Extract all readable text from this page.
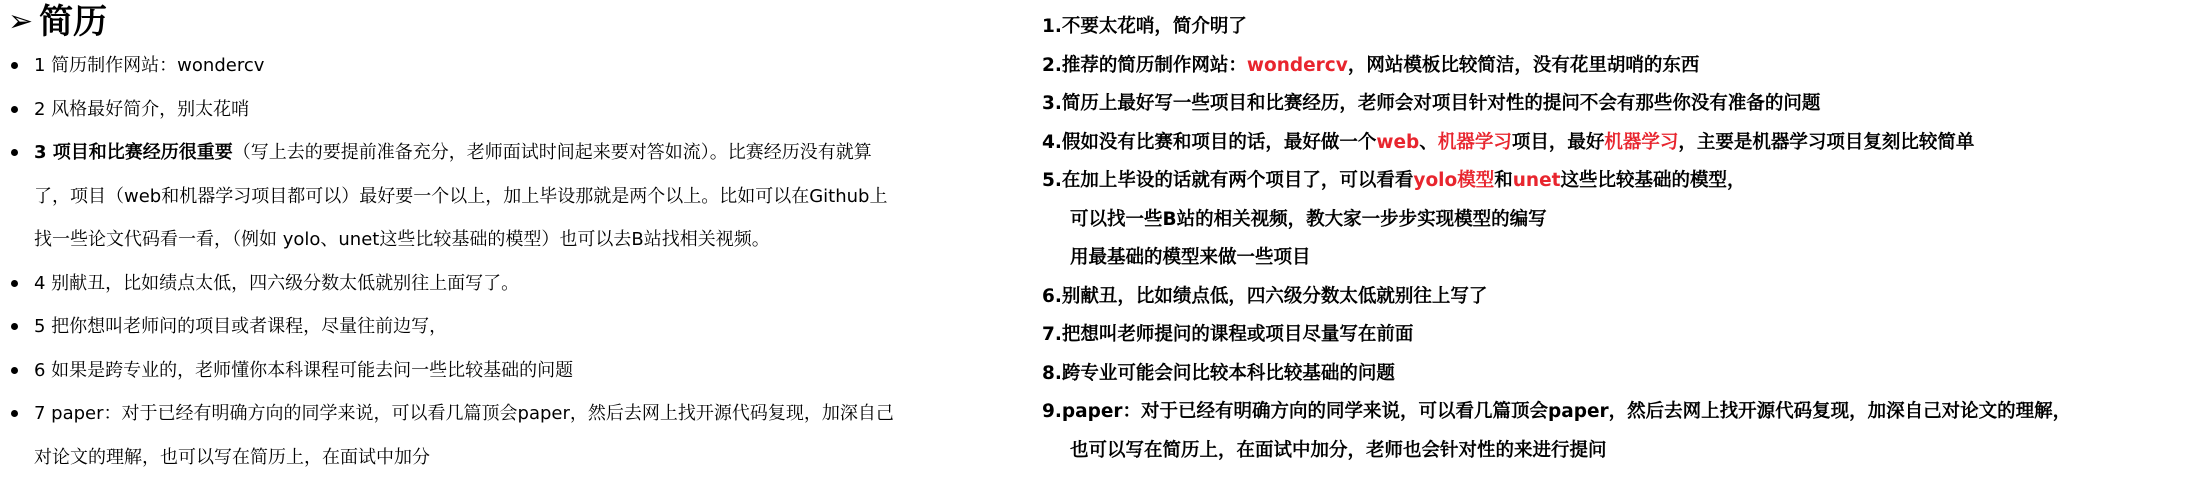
➢ 简历
1 简历制作网站：wondercv
2 风格最好简介，别太花哨
3 项目和比赛经历很重要（写上去的要提前准备充分，老师面试时间起来要对答如流）。比赛经历没有就算
了，项目（web和机器学习项目都可以）最好要一个以上，加上毕设那就是两个以上。比如可以在Github上
找一些论文代码看一看，（例如 yolo、unet这些比较基础的模型）也可以去B站找相关视频。
4 别献丑，比如绩点太低，四六级分数太低就别往上面写了。
5 把你想叫老师问的项目或者课程，尽量往前边写，
6 如果是跨专业的，老师懂你本科课程可能去问一些比较基础的问题
7 paper：对于已经有明确方向的同学来说，可以看几篇顶会paper，然后去网上找开源代码复现，加深自己
对论文的理解，也可以写在简历上，在面试中加分
1.不要太花哨，简介明了
2.推荐的简历制作网站：wondercv，网站模板比较简洁，没有花里胡哨的东西
3.简历上最好写一些项目和比赛经历，老师会对项目针对性的提问不会有那些你没有准备的问题
4.假如没有比赛和项目的话，最好做一个web、机器学习项目，最好机器学习，主要是机器学习项目复刻比较简单
5.在加上毕设的话就有两个项目了，可以看看yolo模型和unet这些比较基础的模型，
可以找一些B站的相关视频，教大家一步步实现模型的编写
用最基础的模型来做一些项目
6.别献丑，比如绩点低，四六级分数太低就别往上写了
7.把想叫老师提问的课程或项目尽量写在前面
8.跨专业可能会问比较本科比较基础的问题
9.paper：对于已经有明确方向的同学来说，可以看几篇顶会paper，然后去网上找开源代码复现，加深自己对论文的理解，
也可以写在简历上，在面试中加分，老师也会针对性的来进行提问
